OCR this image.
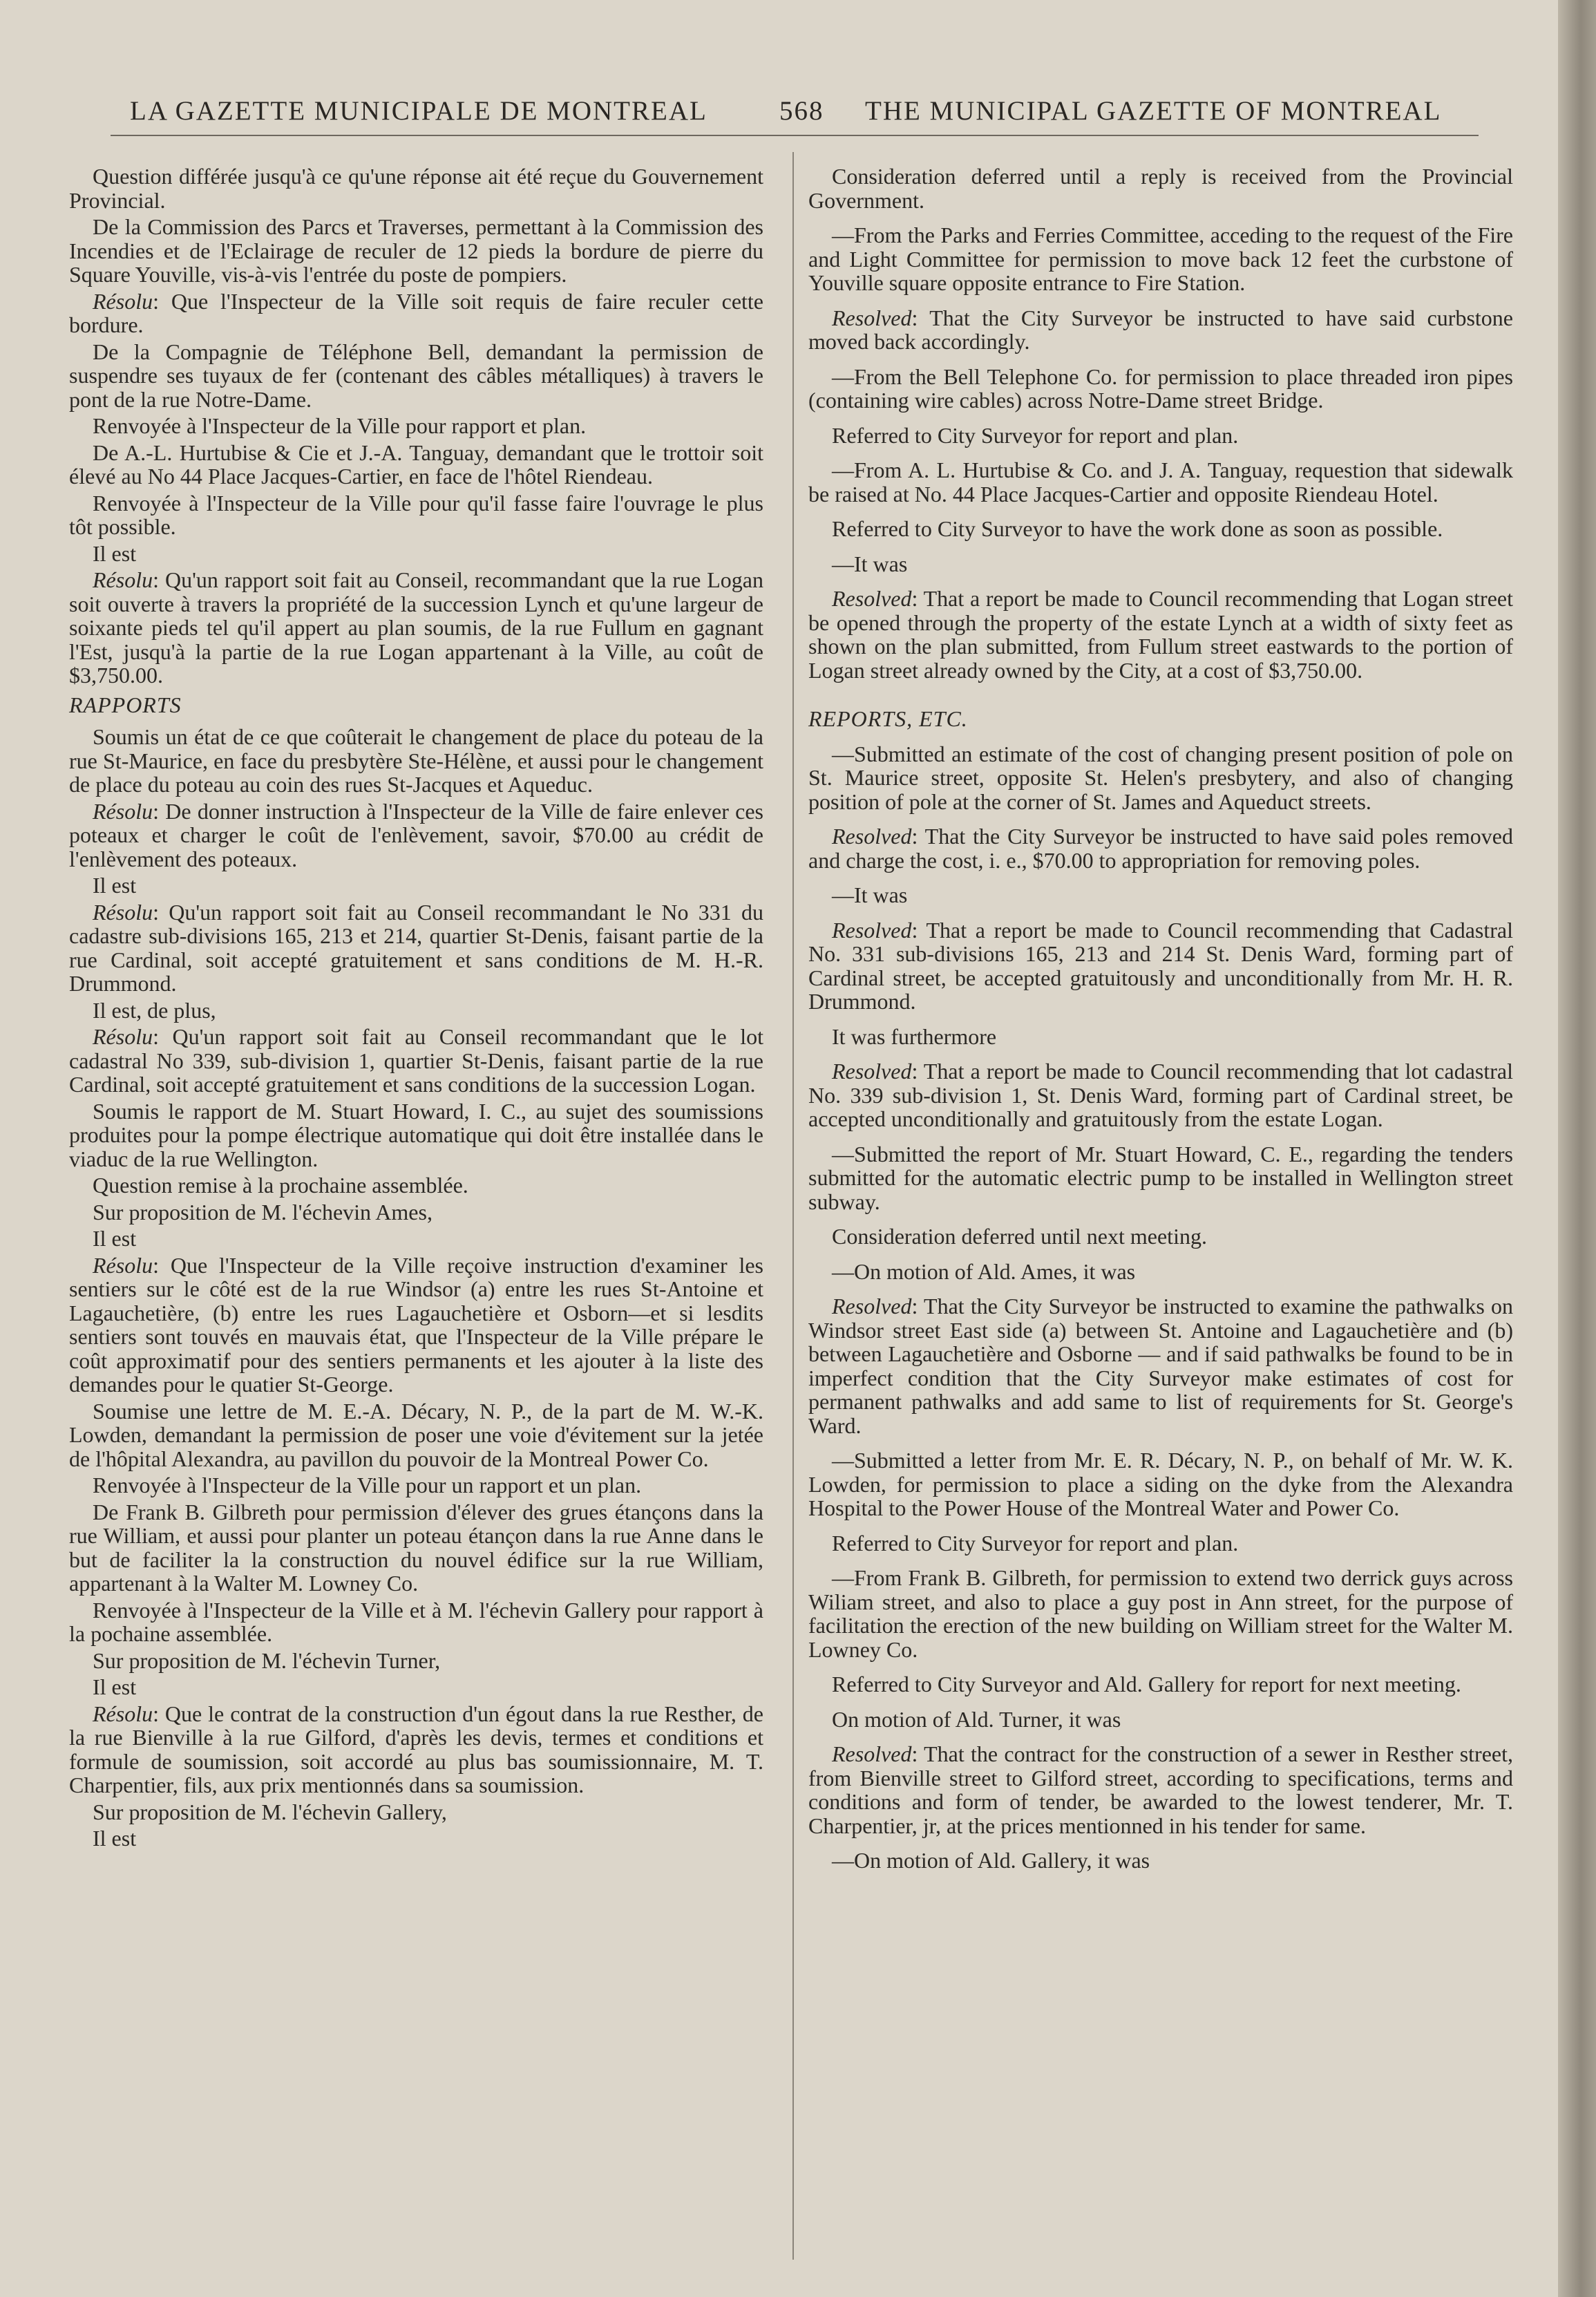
LA GAZETTE MUNICIPALE DE MONTREAL	568 THE MUNICIPAL GAZETTE OF MONTREAL

Question différée jusqu'à ce qu'une réponse ait été reçue du Gouvernement Provincial.

De la Commission des Parcs et Traverses, permettant à la Commission des Incendies et de l'Eclairage de reculer de 12 pieds la bordure de pierre du Square Youville, vis-à-vis l'entrée du poste de pompiers.

Résolu: Que l'Inspecteur de la Ville soit requis de faire reculer cette bordure.

De la Compagnie de Téléphone Bell, demandant la permission de suspendre ses tuyaux de fer (contenant des câbles métalliques) à travers le pont de la rue Notre-Dame.

Renvoyée à l'Inspecteur de la Ville pour rapport et plan.

De A.-L. Hurtubise & Cie et J.-A. Tanguay, demandant que le trottoir soit élevé au No 44 Place Jacques-Cartier, en face de l'hôtel Riendeau.

Renvoyée à l'Inspecteur de la Ville pour qu'il fasse faire l'ouvrage le plus tôt possible.

Il est

Résolu: Qu'un rapport soit fait au Conseil, recommandant que la rue Logan soit ouverte à travers la propriété de la succession Lynch et qu'une largeur de soixante pieds tel qu'il appert au plan soumis, de la rue Fullum en gagnant l'Est, jusqu'à la partie de la rue Logan appartenant à la Ville, au coût de $3,750.00.

RAPPORTS

Soumis un état de ce que coûterait le changement de place du poteau de la rue St-Maurice, en face du presbytère Ste-Hélène, et aussi pour le changement de place du poteau au coin des rues St-Jacques et Aqueduc.

Résolu: De donner instruction à l'Inspecteur de la Ville de faire enlever ces poteaux et charger le coût de l'enlèvement, savoir, $70.00 au crédit de l'enlèvement des poteaux.

Il est

Résolu: Qu'un rapport soit fait au Conseil recommandant le No 331 du cadastre sub-divisions 165, 213 et 214, quartier St-Denis, faisant partie de la rue Cardinal, soit accepté gratuitement et sans conditions de M. H.-R. Drummond.

Il est, de plus,

Résolu: Qu'un rapport soit fait au Conseil recommandant que le lot cadastral No 339, sub-division 1, quartier St-Denis, faisant partie de la rue Cardinal, soit accepté gratuitement et sans conditions de la succession Logan.

Soumis le rapport de M. Stuart Howard, I. C., au sujet des soumissions produites pour la pompe électrique automatique qui doit être installée dans le viaduc de la rue Wellington.

Question remise à la prochaine assemblée.

Sur proposition de M. l'échevin Ames,

Il est

Résolu: Que l'Inspecteur de la Ville reçoive instruction d'examiner les sentiers sur le côté est de la rue Windsor (a) entre les rues St-Antoine et Lagauchetière, (b) entre les rues Lagauchetière et Osborn—et si lesdits sentiers sont touvés en mauvais état, que l'Inspecteur de la Ville prépare le coût approximatif pour des sentiers permanents et les ajouter à la liste des demandes pour le quatier St-George.

Soumise une lettre de M. E.-A. Décary, N. P., de la part de M. W.-K. Lowden, demandant la permission de poser une voie d'évitement sur la jetée de l'hôpital Alexandra, au pavillon du pouvoir de la Montreal Power Co.

Renvoyée à l'Inspecteur de la Ville pour un rapport et un plan.

De Frank B. Gilbreth pour permission d'élever des grues étançons dans la rue William, et aussi pour planter un poteau étançon dans la rue Anne dans le but de faciliter la la construction du nouvel édifice sur la rue William, appartenant à la Walter M. Lowney Co.

Renvoyée à l'Inspecteur de la Ville et à M. l'échevin Gallery pour rapport à la pochaine assemblée.

Sur proposition de M. l'échevin Turner,

Il est

Résolu: Que le contrat de la construction d'un égout dans la rue Resther, de la rue Bienville à la rue Gilford, d'après les devis, termes et conditions et formule de soumission, soit accordé au plus bas soumissionnaire, M. T. Charpentier, fils, aux prix mentionnés dans sa soumission.

Sur proposition de M. l'échevin Gallery,

Il est

Consideration deferred until a reply is received from the Provincial Government.

—From the Parks and Ferries Committee, acceding to the request of the Fire and Light Committee for permission to move back 12 feet the curbstone of Youville square opposite entrance to Fire Station.

Resolved: That the City Surveyor be instructed to have said curbstone moved back accordingly.

—From the Bell Telephone Co. for permission to place threaded iron pipes (containing wire cables) across Notre-Dame street Bridge.

Referred to City Surveyor for report and plan.

—From A. L. Hurtubise & Co. and J. A. Tanguay, requestion that sidewalk be raised at No. 44 Place Jacques-Cartier and opposite Riendeau Hotel.

Referred to City Surveyor to have the work done as soon as possible.

—It was

Resolved: That a report be made to Council recommending that Logan street be opened through the property of the estate Lynch at a width of sixty feet as shown on the plan submitted, from Fullum street eastwards to the portion of Logan street already owned by the City, at a cost of $3,750.00.

REPORTS, ETC.

—Submitted an estimate of the cost of changing present position of pole on St. Maurice street, opposite St. Helen's presbytery, and also of changing position of pole at the corner of St. James and Aqueduct streets.

Resolved: That the City Surveyor be instructed to have said poles removed and charge the cost, i. e., $70.00 to appropriation for removing poles.

—It was

Resolved: That a report be made to Council recommending that Cadastral No. 331 sub-divisions 165, 213 and 214 St. Denis Ward, forming part of Cardinal street, be accepted gratuitously and unconditionally from Mr. H. R. Drummond.

It was furthermore

Resolved: That a report be made to Council recommending that lot cadastral No. 339 sub-division 1, St. Denis Ward, forming part of Cardinal street, be accepted unconditionally and gratuitously from the estate Logan.

—Submitted the report of Mr. Stuart Howard, C. E., regarding the tenders submitted for the automatic electric pump to be installed in Wellington street subway.

Consideration deferred until next meeting.

—On motion of Ald. Ames, it was

Resolved: That the City Surveyor be instructed to examine the pathwalks on Windsor street East side (a) between St. Antoine and Lagauchetière and (b) between Lagauchetière and Osborne — and if said pathwalks be found to be in imperfect condition that the City Surveyor make estimates of cost for permanent pathwalks and add same to list of requirements for St. George's Ward.

—Submitted a letter from Mr. E. R. Décary, N. P., on behalf of Mr. W. K. Lowden, for permission to place a siding on the dyke from the Alexandra Hospital to the Power House of the Montreal Water and Power Co.

Referred to City Surveyor for report and plan.

—From Frank B. Gilbreth, for permission to extend two derrick guys across Wiliam street, and also to place a guy post in Ann street, for the purpose of facilitation the erection of the new building on William street for the Walter M. Lowney Co.

Referred to City Surveyor and Ald. Gallery for report for next meeting.

On motion of Ald. Turner, it was

Resolved: That the contract for the construction of a sewer in Resther street, from Bienville street to Gilford street, according to specifications, terms and conditions and form of tender, be awarded to the lowest tenderer, Mr. T. Charpentier, jr, at the prices mentionned in his tender for same.

—On motion of Ald. Gallery, it was
